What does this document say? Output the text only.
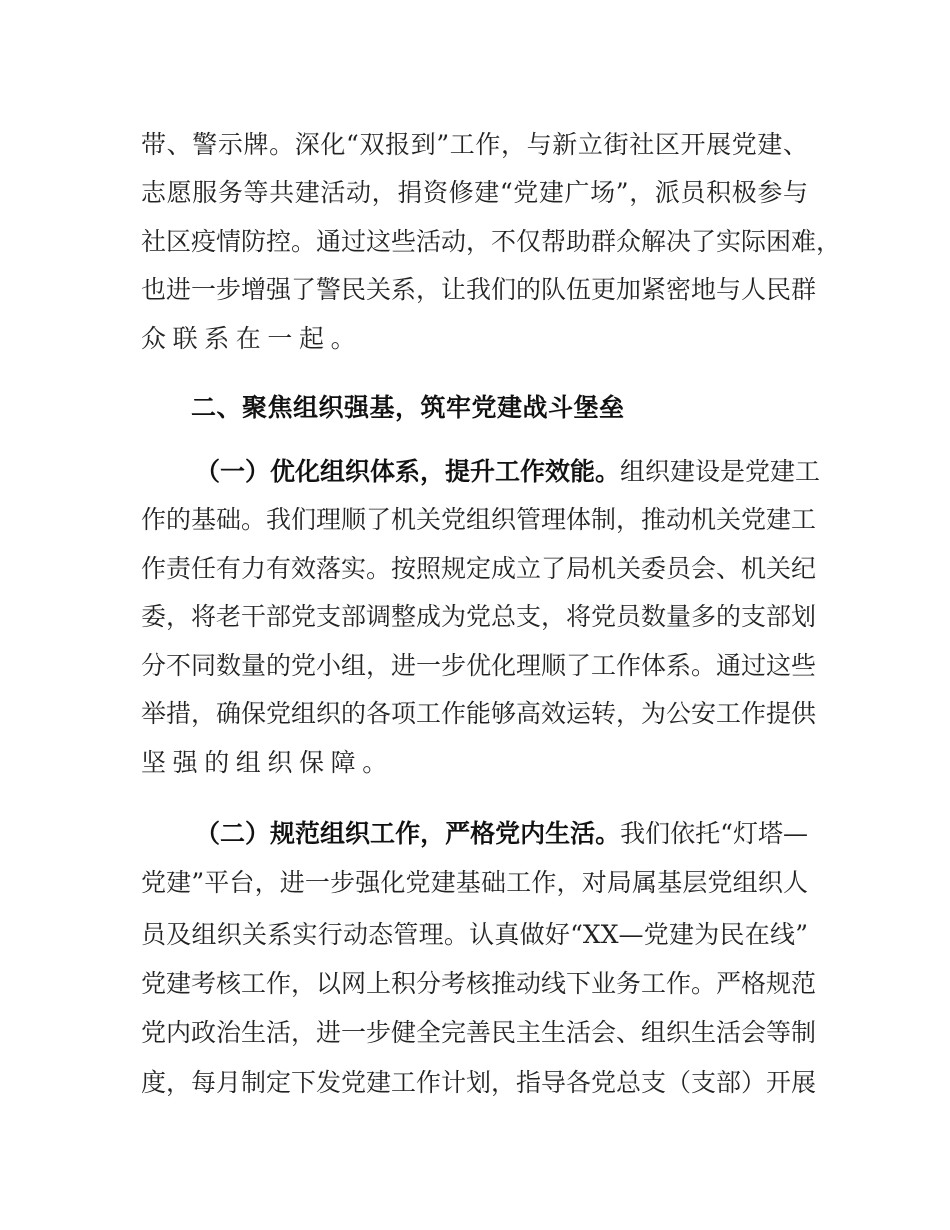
带、警示牌。深化“双报到”工作，与新立街社区开展党建、
志愿服务等共建活动，捐资修建“党建广场”，派员积极参与
社区疫情防控。通过这些活动，不仅帮助群众解决了实际困难，
也进一步增强了警民关系，让我们的队伍更加紧密地与人民群
众联系在一起。
二、聚焦组织强基，筑牢党建战斗堡垒
（一）优化组织体系，提升工作效能。组织建设是党建工
作的基础。我们理顺了机关党组织管理体制，推动机关党建工
作责任有力有效落实。按照规定成立了局机关委员会、机关纪
委，将老干部党支部调整成为党总支，将党员数量多的支部划
分不同数量的党小组，进一步优化理顺了工作体系。通过这些
举措，确保党组织的各项工作能够高效运转，为公安工作提供
坚强的组织保障。
（二）规范组织工作，严格党内生活。我们依托“灯塔—
党建”平台，进一步强化党建基础工作，对局属基层党组织人
员及组织关系实行动态管理。认真做好“XX—党建为民在线”
党建考核工作，以网上积分考核推动线下业务工作。严格规范
党内政治生活，进一步健全完善民主生活会、组织生活会等制
度，每月制定下发党建工作计划，指导各党总支（支部）开展
